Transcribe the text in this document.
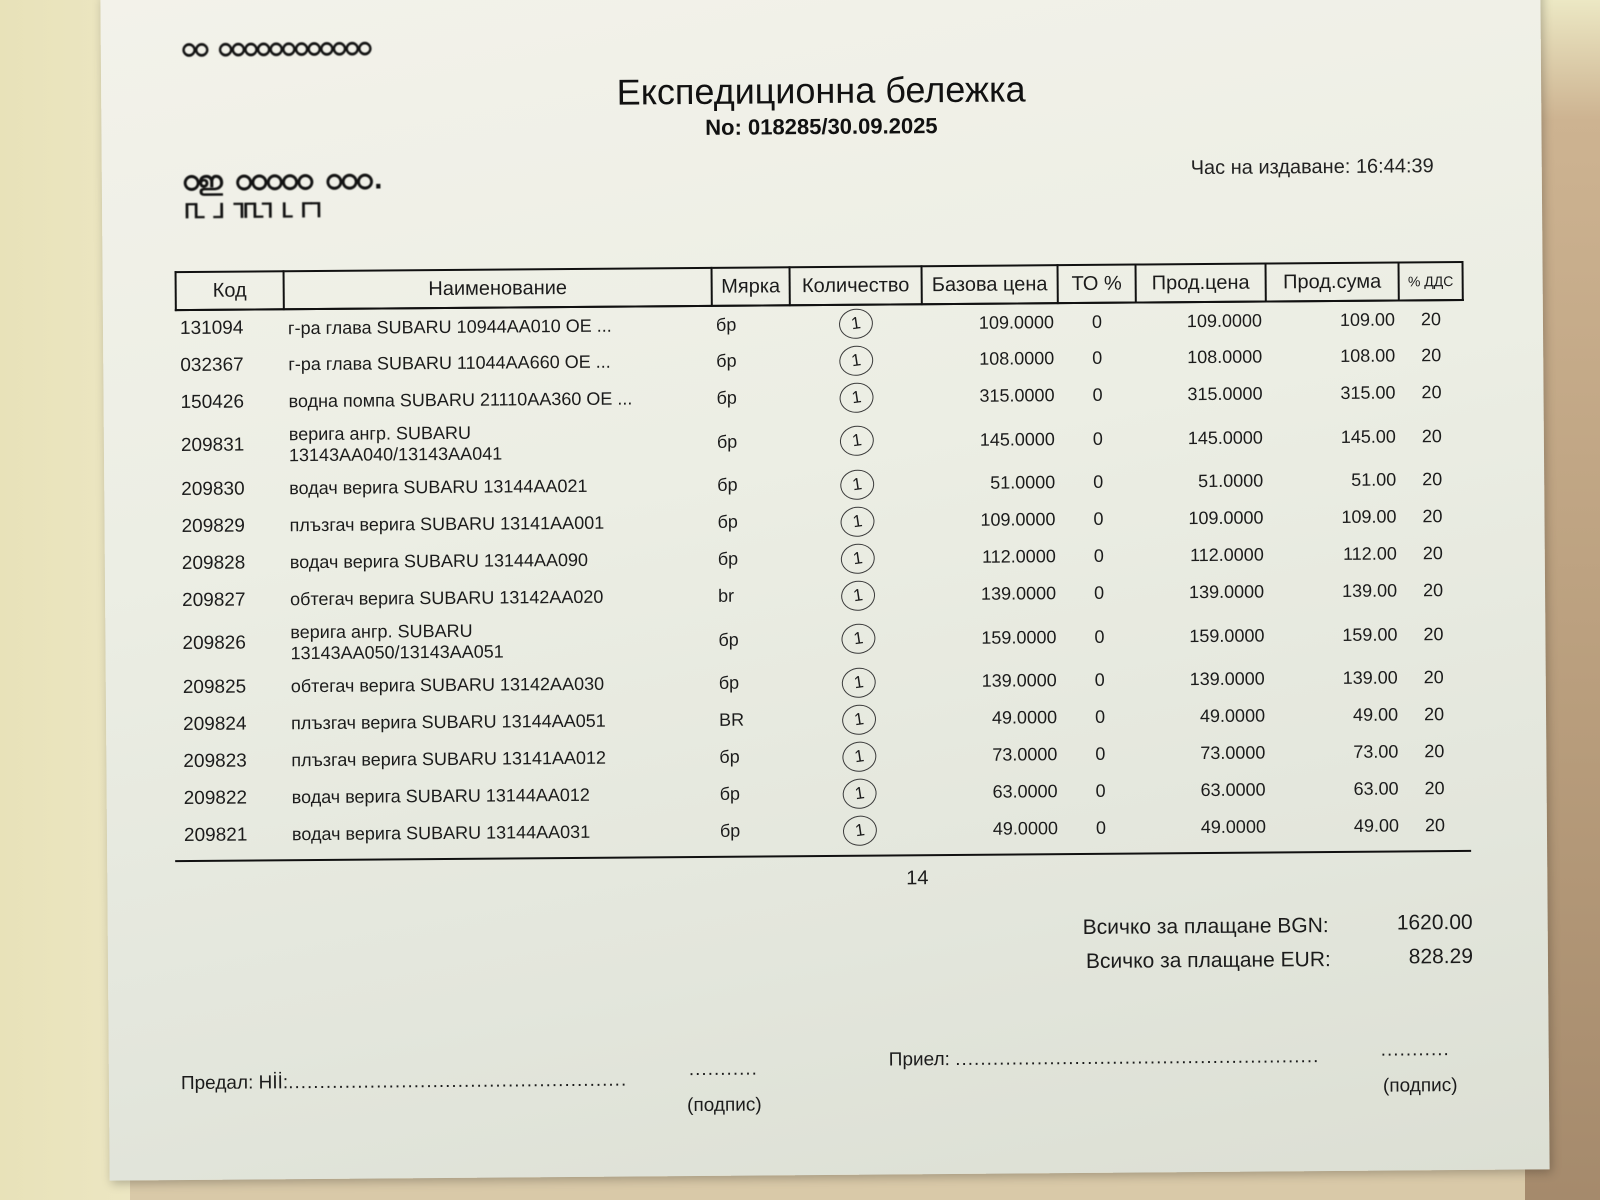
ഠഠ ഠഠഠഠഠഠഠഠഠഠഠഠ
Експедиционна бележка
No: 018285/30.09.2025
ഠഇ ഠഠഠഠഠ ഠഠഠ.
ᒥᒪ ᒧ ᒣᒥᒪᒣ ᒪ ᒥᒣ
Час на издаване: 16:44:39
Код	Наименование	Мярка	Количество	Базова цена	ТО %	Прод.цена	Прод.сума	% ДДС
131094	г-ра глава SUBARU 10944AA010 OE ...	бр	1	109.0000	0	109.0000	109.00	20
032367	г-ра глава SUBARU 11044AA660 OE ...	бр	1	108.0000	0	108.0000	108.00	20
150426	водна помпа SUBARU 21110AA360 OE ...	бр	1	315.0000	0	315.0000	315.00	20
209831	верига ангр. SUBARU
13143AA040/13143AA041	бр	1	145.0000	0	145.0000	145.00	20
209830	водач верига SUBARU 13144AA021	бр	1	51.0000	0	51.0000	51.00	20
209829	плъзгач верига SUBARU 13141AA001	бр	1	109.0000	0	109.0000	109.00	20
209828	водач верига SUBARU 13144AA090	бр	1	112.0000	0	112.0000	112.00	20
209827	обтегач верига SUBARU 13142AA020	br	1	139.0000	0	139.0000	139.00	20
209826	верига ангр. SUBARU
13143AA050/13143AA051	бр	1	159.0000	0	159.0000	159.00	20
209825	обтегач верига SUBARU 13142AA030	бр	1	139.0000	0	139.0000	139.00	20
209824	плъзгач верига SUBARU 13144AA051	BR	1	49.0000	0	49.0000	49.00	20
209823	плъзгач верига SUBARU 13141AA012	бр	1	73.0000	0	73.0000	73.00	20
209822	водач верига SUBARU 13144AA012	бр	1	63.0000	0	63.0000	63.00	20
209821	водач верига SUBARU 13144AA031	бр	1	49.0000	0	49.0000	49.00	20
14
Всичко за плащане BGN:	1620.00
Всичко за плащане EUR:	828.29
Предал: Нİİ:......................................................
...........
(подпис)
Приел: ..........................................................	...........
(подпис)
